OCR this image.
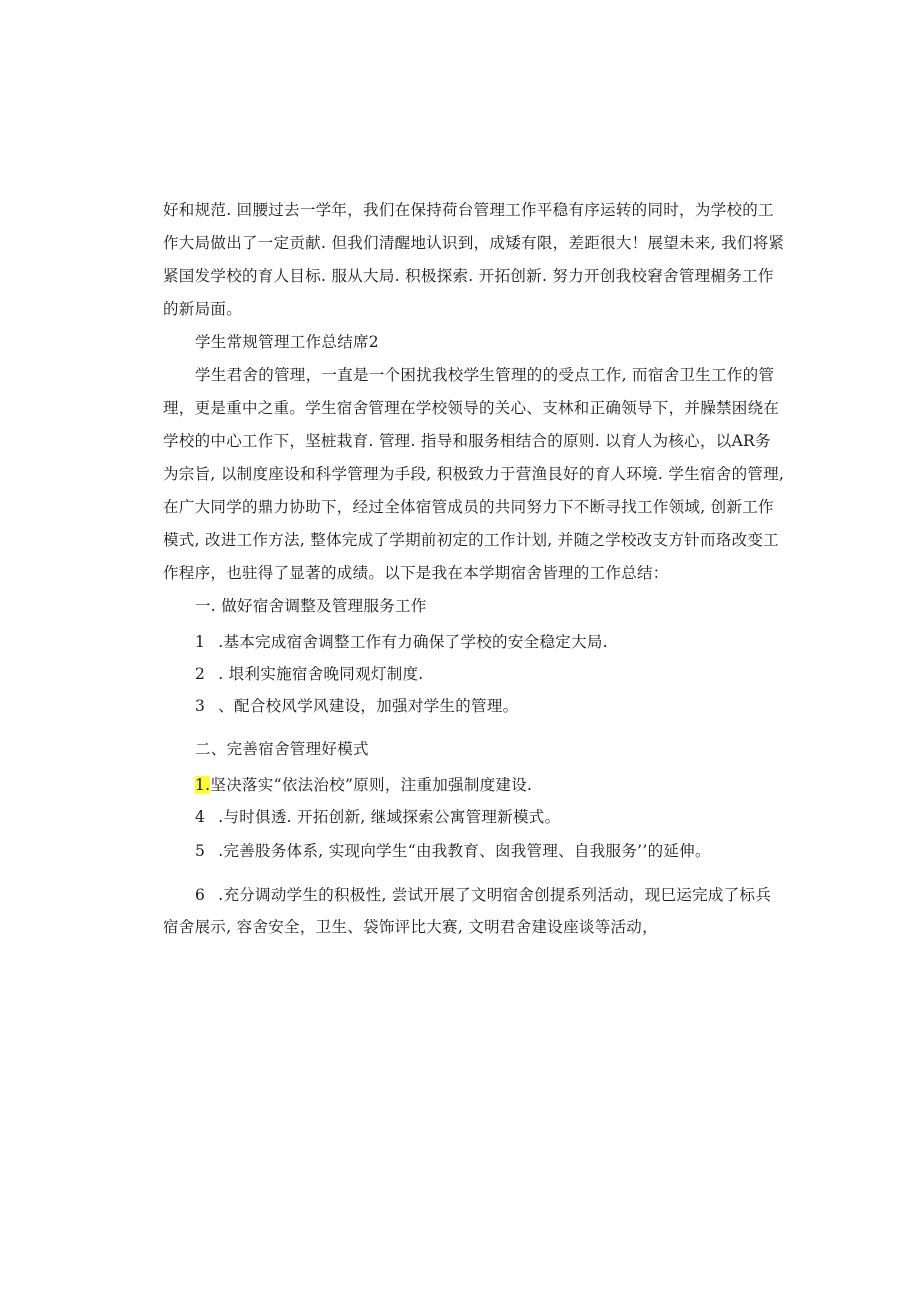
好和规范. 回腰过去一学年，我们在保持荷台管理工作平稳有序运转的同时，为学校的工
作大局做出了一定贡献. 但我们清醒地认识到，成矮有限，差距很大！展望未来, 我们将紧
紧国发学校的育人目标. 服从大局. 积极探索. 开拓创新. 努力开创我校窘舍管理楣务工作
的新局面。
学生常规管理工作总结席2
学生君舍的管理，一直是一个困扰我校学生管理的的受点工作, 而宿舍卫生工作的管
理，更是重中之重。学生宿舍管理在学校领导的关心、支林和正确领导下，并臊禁困绕在
学校的中心工作下，坚桩栽育. 管理. 指导和服务相结合的原则. 以育人为核心，以AR务
为宗旨, 以制度座设和科学管理为手段, 积极致力于营渔艮好的育人环境. 学生宿舍的管理,
在广大同学的鼎力协助下，经过全体宿管成员的共同努力下不断寻找工作领域, 创新工作
模式, 改进工作方法, 整体完成了学期前初定的工作计划, 并随之学校改支方针而珞改变工
作程序，也驻得了显著的成绩。以下是我在本学期宿舍皆理的工作总结：
一. 做好宿舍调整及管理服务工作
1 .基本完成宿舍调整工作有力确保了学校的安全稳定大局.
2 . 垠利实施宿舍晚同观灯制度.
3 、配合校风学风建设，加强对学生的管理。
二、完善宿舍管理好模式
1.坚决落实“依法治校”原则，注重加强制度建设.
4 .与时俱透. 开拓创新, 继域探索公寓管理新模式。
5 .完善股务体系, 实现向学生“由我教育、囱我管理、自我服务’’的延伸。
6 .充分调动学生的积极性, 尝试开展了文明宿舍创提系列活动，现巳运完成了标兵
宿舍展示, 容舍安全，卫生、袋饰评比大赛, 文明君舍建设座谈等活动，
